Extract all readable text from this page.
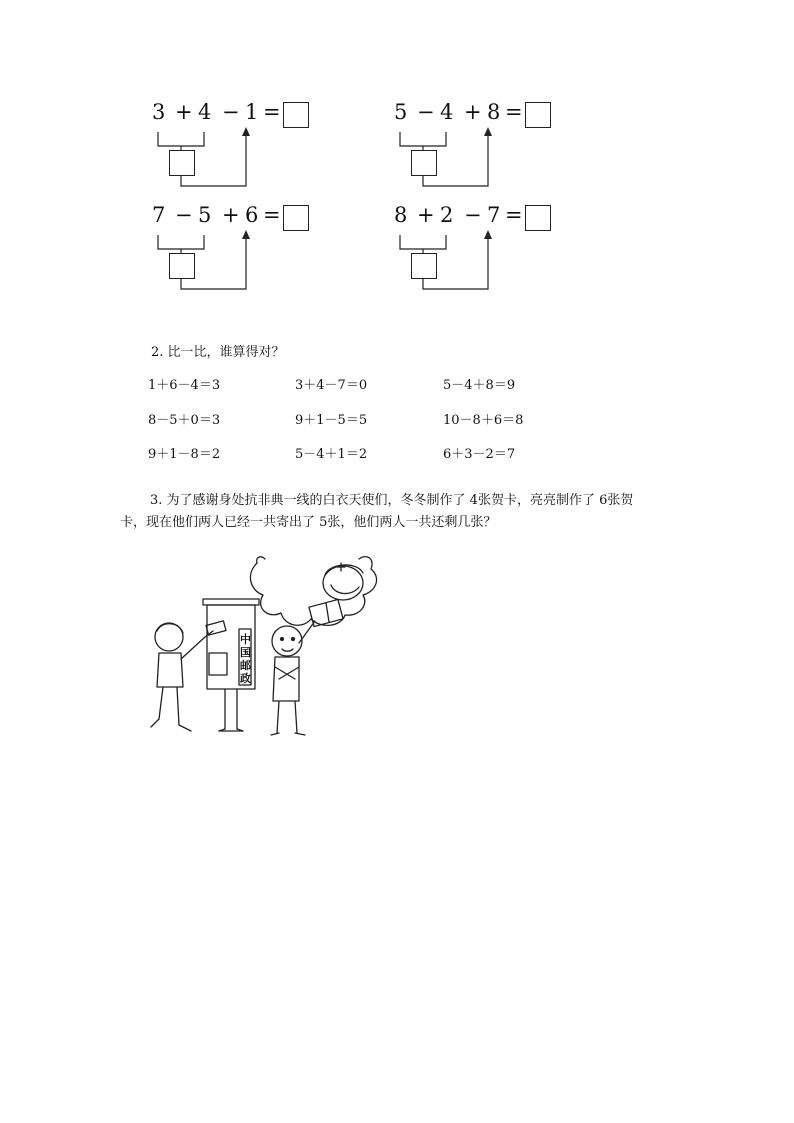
3 + 4 − 1 =	5 − 4 + 8 =
7 − 5 + 6 =	8 + 2 − 7 =
2. 比一比，谁算得对？
1＋6－4＝3	3＋4－7＝0	5－4＋8＝9
8－5＋0＝3	9＋1－5＝5	10－8＋6＝8
9＋1－8＝2	5－4＋1＝2	6＋3－2＝7
3. 为了感谢身处抗非典一线的白衣天使们，冬冬制作了 4张贺卡，亮亮制作了 6张贺
卡，现在他们两人已经一共寄出了 5张，他们两人一共还剩几张？
中国邮政
